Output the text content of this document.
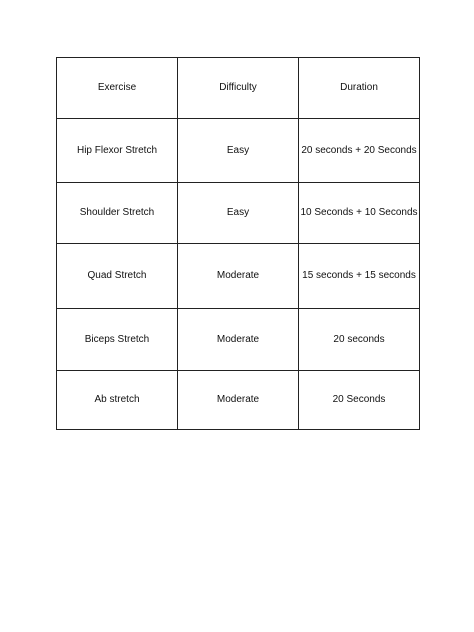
Exercise	Difficulty	Duration
Hip Flexor Stretch	Easy	20 seconds + 20 Seconds
Shoulder Stretch	Easy	10 Seconds + 10 Seconds
Quad Stretch	Moderate	15 seconds + 15 seconds
Biceps Stretch	Moderate	20 seconds
Ab stretch	Moderate	20 Seconds
